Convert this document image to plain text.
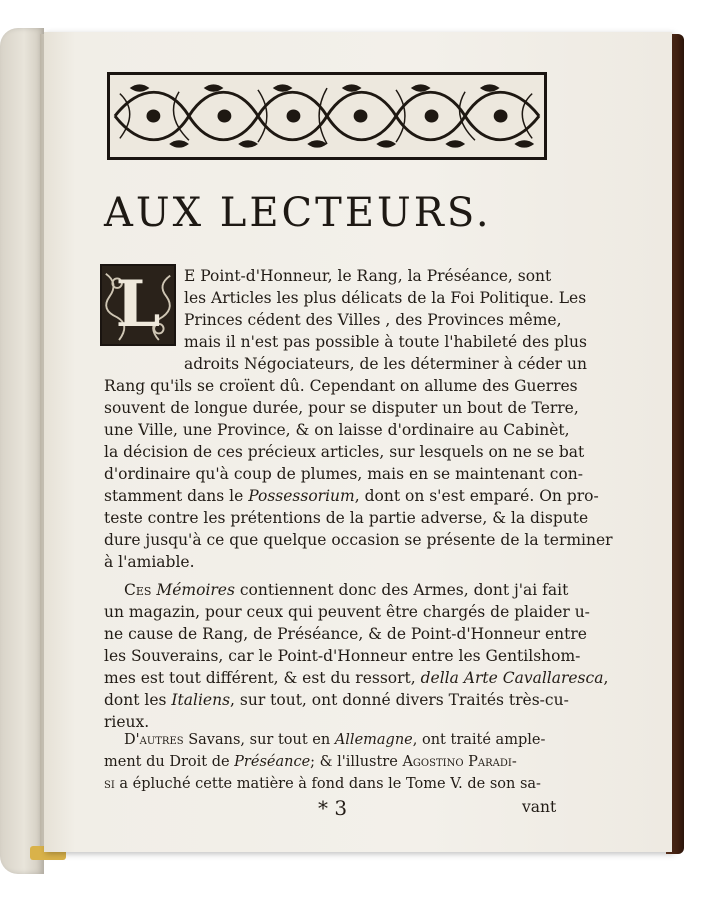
AUX LECTEURS.
L	E Point-d'Honneur, le Rang, la Préséance, sont
les Articles les plus délicats de la Foi Politique. Les
Princes cédent des Villes , des Provinces même,
mais il n'est pas possible à toute l'habileté des plus
adroits Négociateurs, de les déterminer à céder un
Rang qu'ils se croïent dû. Cependant on allume des Guerres
souvent de longue durée, pour se disputer un bout de Terre,
une Ville, une Province, & on laisse d'ordinaire au Cabinèt,
la décision de ces précieux articles, sur lesquels on ne se bat
d'ordinaire qu'à coup de plumes, mais en se maintenant con-
stamment dans le Possessorium, dont on s'est emparé. On pro-
teste contre les prétentions de la partie adverse, & la dispute
dure jusqu'à ce que quelque occasion se présente de la terminer
à l'amiable.
Ces Mémoires contiennent donc des Armes, dont j'ai fait
un magazin, pour ceux qui peuvent être chargés de plaider u-
ne cause de Rang, de Préséance, & de Point-d'Honneur entre
les Souverains, car le Point-d'Honneur entre les Gentilshom-
mes est tout différent, & est du ressort, della Arte Cavallaresca,
dont les Italiens, sur tout, ont donné divers Traités très-cu-
rieux.
D'autres Savans, sur tout en Allemagne, ont traité ample-
ment du Droit de Préséance; & l'illustre Agostino Paradi-
si a épluché cette matière à fond dans le Tome V. de son sa-
* 3	vant
